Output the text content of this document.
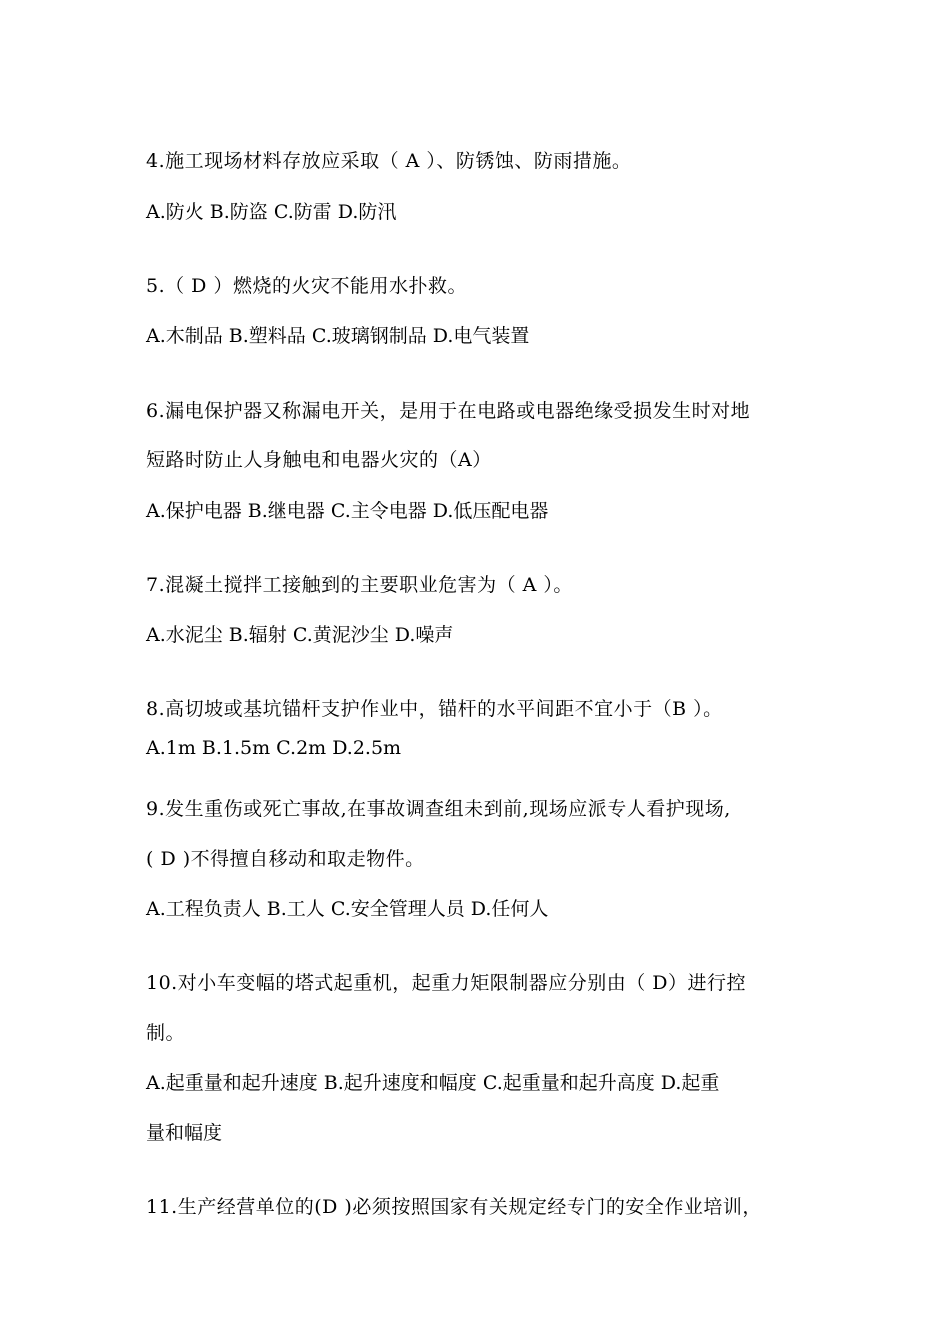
4.施工现场材料存放应采取（ A ）、防锈蚀、防雨措施。
A.防火 B.防盗 C.防雷 D.防汛
5.（ D ）燃烧的火灾不能用水扑救。
A.木制品 B.塑料品 C.玻璃钢制品 D.电气装置
6.漏电保护器又称漏电开关，是用于在电路或电器绝缘受损发生时对地
短路时防止人身触电和电器火灾的（A）
A.保护电器 B.继电器 C.主令电器 D.低压配电器
7.混凝土搅拌工接触到的主要职业危害为（ A ）。
A.水泥尘 B.辐射 C.黄泥沙尘 D.噪声
8.高切坡或基坑锚杆支护作业中，锚杆的水平间距不宜小于（B ）。
A.1m B.1.5m C.2m D.2.5m
9.发生重伤或死亡事故,在事故调查组未到前,现场应派专人看护现场,
( D )不得擅自移动和取走物件。
A.工程负责人 B.工人 C.安全管理人员 D.任何人
10.对小车变幅的塔式起重机，起重力矩限制器应分别由（ D）进行控
制。
A.起重量和起升速度 B.起升速度和幅度 C.起重量和起升高度 D.起重
量和幅度
11.生产经营单位的(D )必须按照国家有关规定经专门的安全作业培训，
